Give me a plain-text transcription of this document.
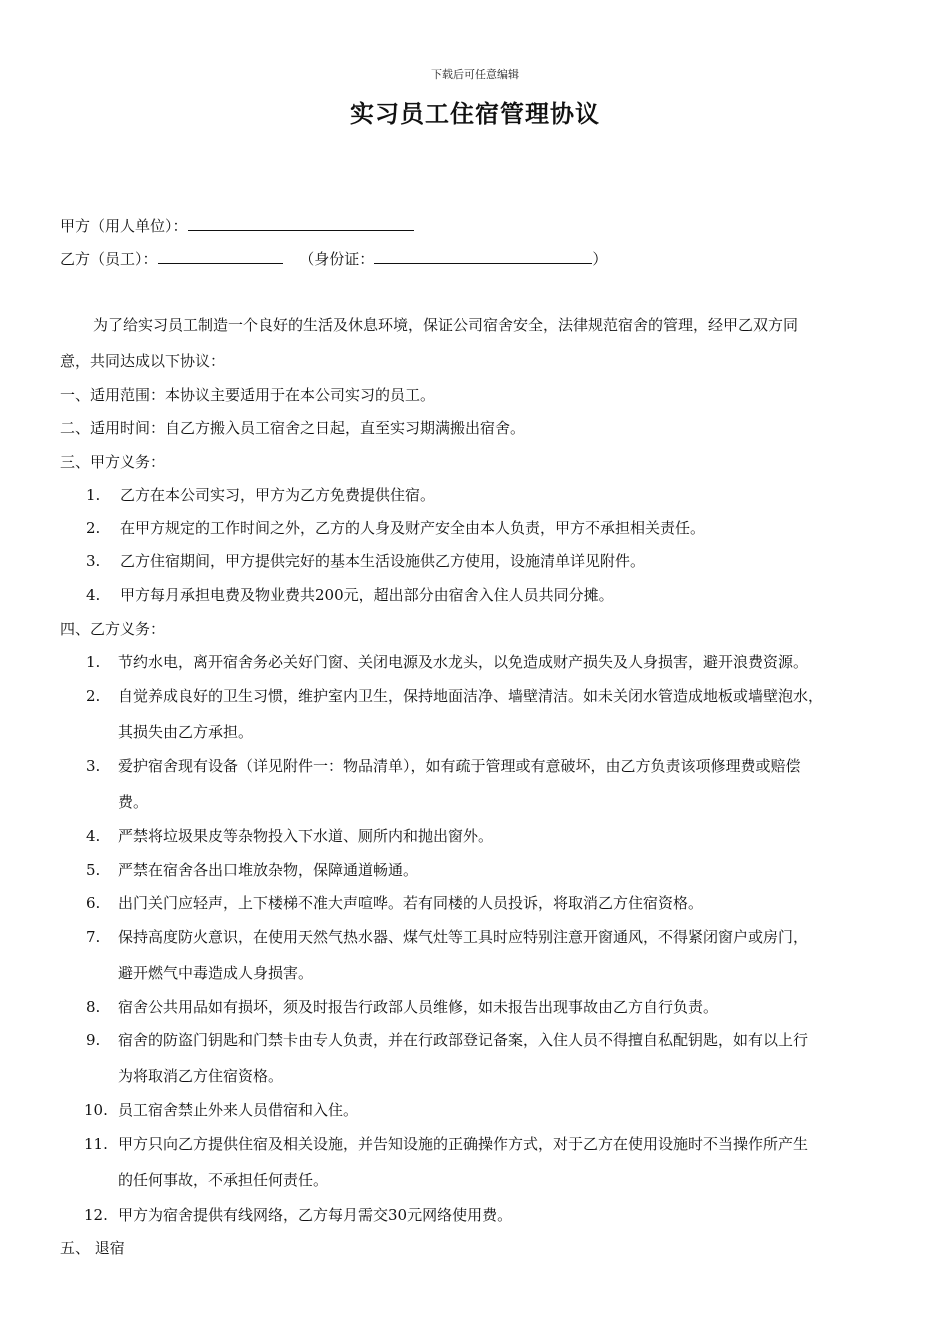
下载后可任意编辑
实习员工住宿管理协议
甲方（用人单位）：
乙方（员工）：	（身份证：	）
为了给实习员工制造一个良好的生活及休息环境，保证公司宿舍安全，法律规范宿舍的管理，经甲乙双方同
意，共同达成以下协议：
一、适用范围：本协议主要适用于在本公司实习的员工。
二、适用时间：自乙方搬入员工宿舍之日起，直至实习期满搬出宿舍。
三、甲方义务：
1. 乙方在本公司实习，甲方为乙方免费提供住宿。
2. 在甲方规定的工作时间之外，乙方的人身及财产安全由本人负责，甲方不承担相关责任。
3. 乙方住宿期间，甲方提供完好的基本生活设施供乙方使用，设施清单详见附件。
4. 甲方每月承担电费及物业费共200元，超出部分由宿舍入住人员共同分摊。
四、乙方义务：
1. 节约水电，离开宿舍务必关好门窗、关闭电源及水龙头，以免造成财产损失及人身损害，避开浪费资源。
2. 自觉养成良好的卫生习惯，维护室内卫生，保持地面洁净、墙壁清洁。如未关闭水管造成地板或墙壁泡水，
其损失由乙方承担。
3. 爱护宿舍现有设备（详见附件一：物品清单），如有疏于管理或有意破坏，由乙方负责该项修理费或赔偿
费。
4. 严禁将垃圾果皮等杂物投入下水道、厕所内和抛出窗外。
5. 严禁在宿舍各出口堆放杂物，保障通道畅通。
6. 出门关门应轻声，上下楼梯不准大声喧哗。若有同楼的人员投诉，将取消乙方住宿资格。
7. 保持高度防火意识，在使用天然气热水器、煤气灶等工具时应特别注意开窗通风，不得紧闭窗户或房门，
避开燃气中毒造成人身损害。
8. 宿舍公共用品如有损坏，须及时报告行政部人员维修，如未报告出现事故由乙方自行负责。
9. 宿舍的防盗门钥匙和门禁卡由专人负责，并在行政部登记备案，入住人员不得擅自私配钥匙，如有以上行
为将取消乙方住宿资格。
10. 员工宿舍禁止外来人员借宿和入住。
11. 甲方只向乙方提供住宿及相关设施，并告知设施的正确操作方式，对于乙方在使用设施时不当操作所产生
的任何事故，不承担任何责任。
12. 甲方为宿舍提供有线网络，乙方每月需交30元网络使用费。
五、 退宿
